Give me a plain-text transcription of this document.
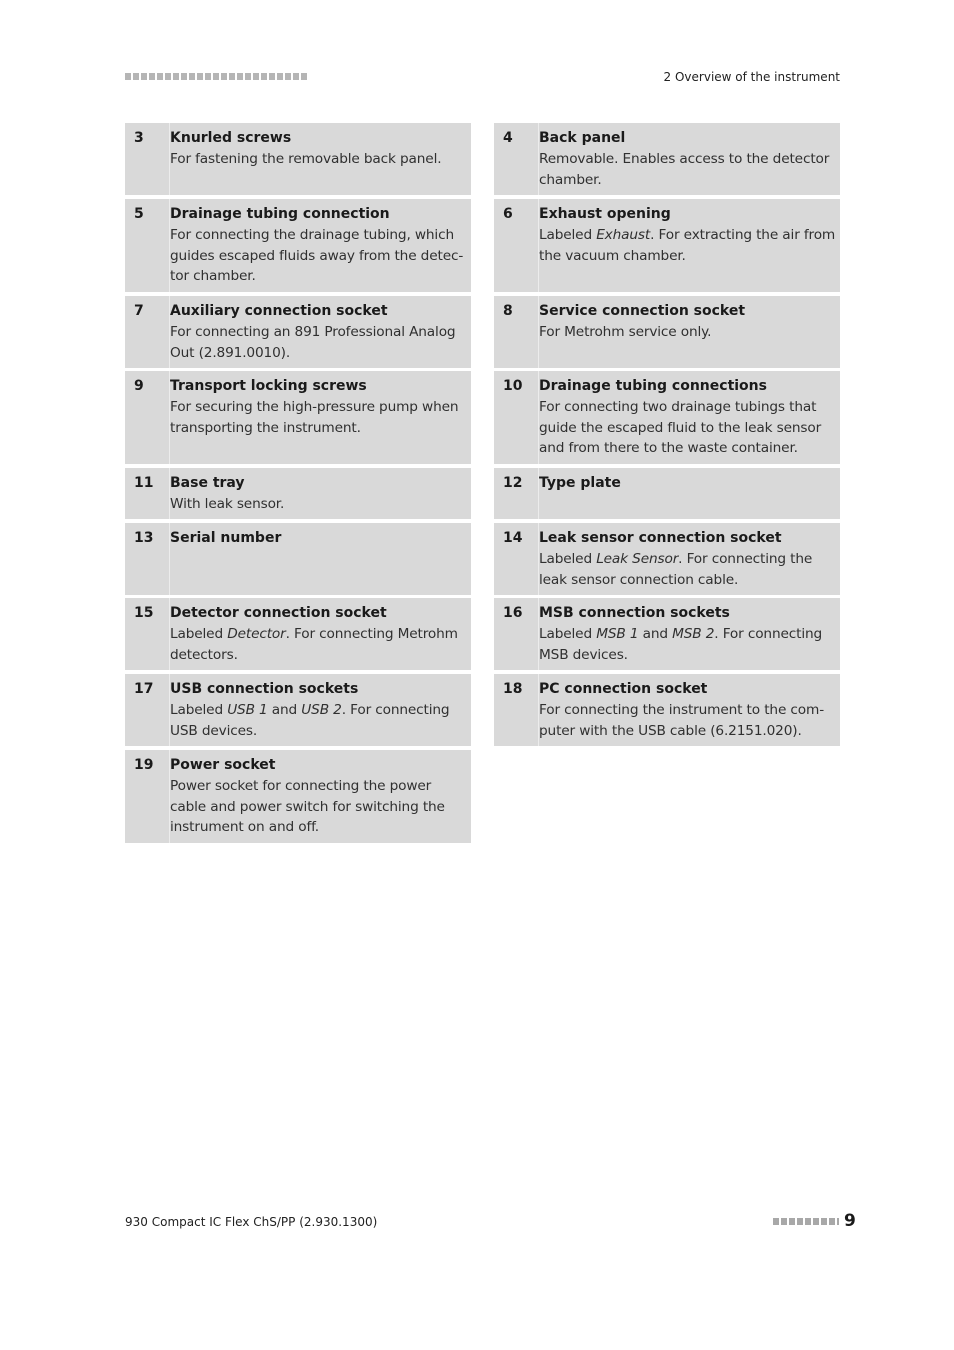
2 Overview of the instrument
3 Knurled screws
For fastening the removable back panel.
4 Back panel
Removable. Enables access to the detector
chamber.
5 Drainage tubing connection
For connecting the drainage tubing, which
guides escaped fluids away from the detec-
tor chamber.
6 Exhaust opening
Labeled Exhaust. For extracting the air from
the vacuum chamber.
7 Auxiliary connection socket
For connecting an 891 Professional Analog
Out (2.891.0010).
8 Service connection socket
For Metrohm service only.
9 Transport locking screws
For securing the high-pressure pump when
transporting the instrument.
10 Drainage tubing connections
For connecting two drainage tubings that
guide the escaped fluid to the leak sensor
and from there to the waste container.
11 Base tray
With leak sensor.
12 Type plate
13 Serial number	14 Leak sensor connection socket
Labeled Leak Sensor. For connecting the
leak sensor connection cable.
15 Detector connection socket
Labeled Detector. For connecting Metrohm
detectors.
16 MSB connection sockets
Labeled MSB 1 and MSB 2. For connecting
MSB devices.
17 USB connection sockets
Labeled USB 1 and USB 2. For connecting
USB devices.
18 PC connection socket
For connecting the instrument to the com-
puter with the USB cable (6.2151.020).
19 Power socket
Power socket for connecting the power
cable and power switch for switching the
instrument on and off.
930 Compact IC Flex ChS/PP (2.930.1300)	9
